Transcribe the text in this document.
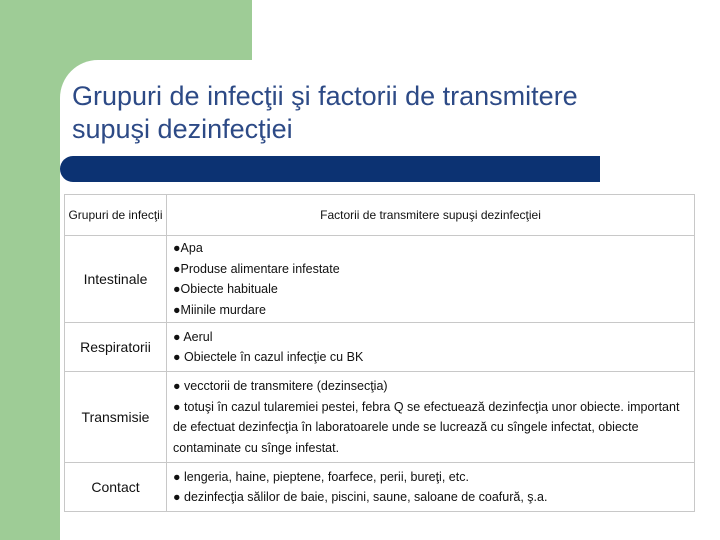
Grupuri de infecţii şi factorii de transmitere
supuşi dezinfecţiei
Grupuri de infecţii	Factorii de transmitere supuşi dezinfecţiei
Intestinale	●Apa
●Produse alimentare infestate
●Obiecte habituale
●Miinile murdare

Respiratorii	● Aerul
● Obiectele în cazul infecţie cu BK

Transmisie	● vecctorii de transmitere (dezinsecţia)
● totuşi în cazul tularemiei pestei, febra Q se efectuează dezinfecţia unor obiecte. important de efectuat dezinfecţia în laboratoarele unde se lucrează cu sîngele infectat, obiecte contaminate cu sînge infestat.

Contact	● lengeria, haine, pieptene, foarfece, perii, bureţi, etc.
● dezinfecţia sălilor de baie, piscini, saune, saloane de coafură, ş.a.
